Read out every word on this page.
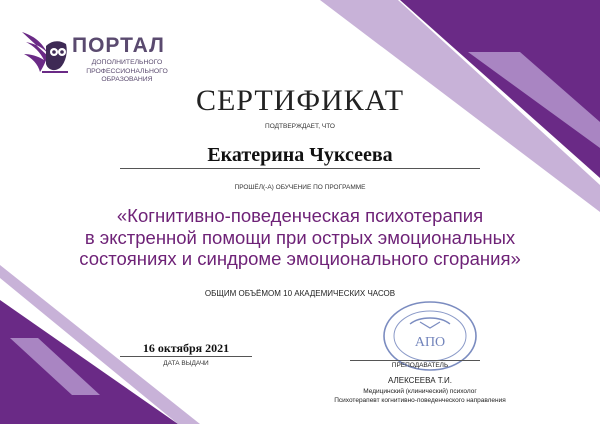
ПОРТАЛ
ДОПОЛНИТЕЛЬНОГО
ПРОФЕССИОНАЛЬНОГО
ОБРАЗОВАНИЯ
СЕРТИФИКАТ
ПОДТВЕРЖДАЕТ, ЧТО
Екатерина Чуксеева
ПРОШЁЛ(-А) ОБУЧЕНИЕ ПО ПРОГРАММЕ
«Когнитивно-поведенческая психотерапия
в экстренной помощи при острых эмоциональных
состояниях и синдроме эмоционального сгорания»
ОБЩИМ ОБЪЁМОМ 10 АКАДЕМИЧЕСКИХ ЧАСОВ
16 октября 2021
ДАТА ВЫДАЧИ
АПО
ПРЕПОДАВАТЕЛЬ
АЛЕКСЕЕВА Т.И.
Медицинский (клинический) психолог
Психотерапевт когнитивно-поведенческого направления
